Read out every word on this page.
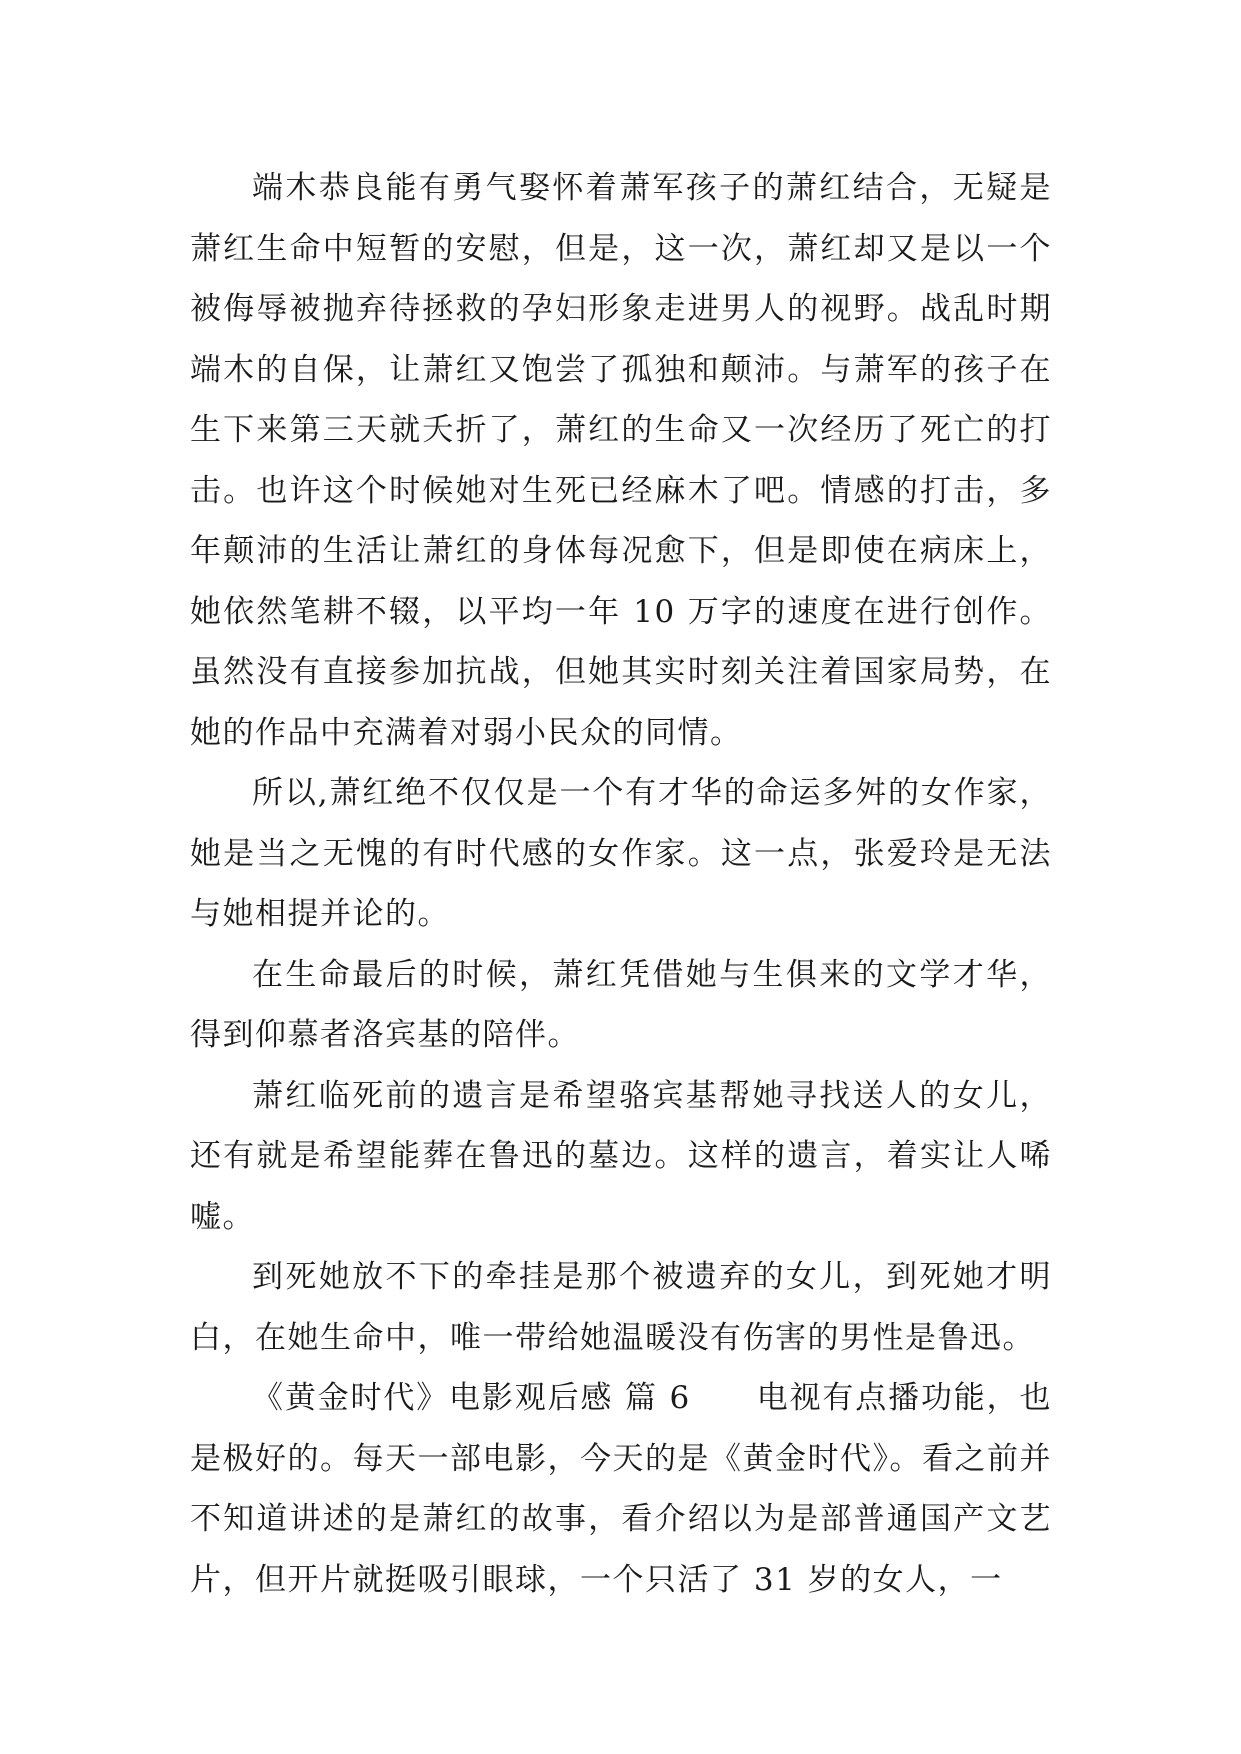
端木恭良能有勇气娶怀着萧军孩子的萧红结合，无疑是萧红生命中短暂的安慰，但是，这一次，萧红却又是以一个被侮辱被抛弃待拯救的孕妇形象走进男人的视野。战乱时期端木的自保，让萧红又饱尝了孤独和颠沛。与萧军的孩子在生下来第三天就夭折了，萧红的生命又一次经历了死亡的打击。也许这个时候她对生死已经麻木了吧。情感的打击，多年颠沛的生活让萧红的身体每况愈下，但是即使在病床上，她依然笔耕不辍，以平均一年 10 万字的速度在进行创作。虽然没有直接参加抗战，但她其实时刻关注着国家局势，在她的作品中充满着对弱小民众的同情。

所以,萧红绝不仅仅是一个有才华的命运多舛的女作家，她是当之无愧的有时代感的女作家。这一点，张爱玲是无法与她相提并论的。

在生命最后的时候，萧红凭借她与生俱来的文学才华，得到仰慕者洛宾基的陪伴。

萧红临死前的遗言是希望骆宾基帮她寻找送人的女儿，还有就是希望能葬在鲁迅的墓边。这样的遗言，着实让人唏嘘。

到死她放不下的牵挂是那个被遗弃的女儿，到死她才明白，在她生命中，唯一带给她温暖没有伤害的男性是鲁迅。

《黄金时代》电影观后感 篇 6　　电视有点播功能，也是极好的。每天一部电影，今天的是《黄金时代》。看之前并不知道讲述的是萧红的故事，看介绍以为是部普通国产文艺片，但开片就挺吸引眼球，一个只活了 31 岁的女人，一
